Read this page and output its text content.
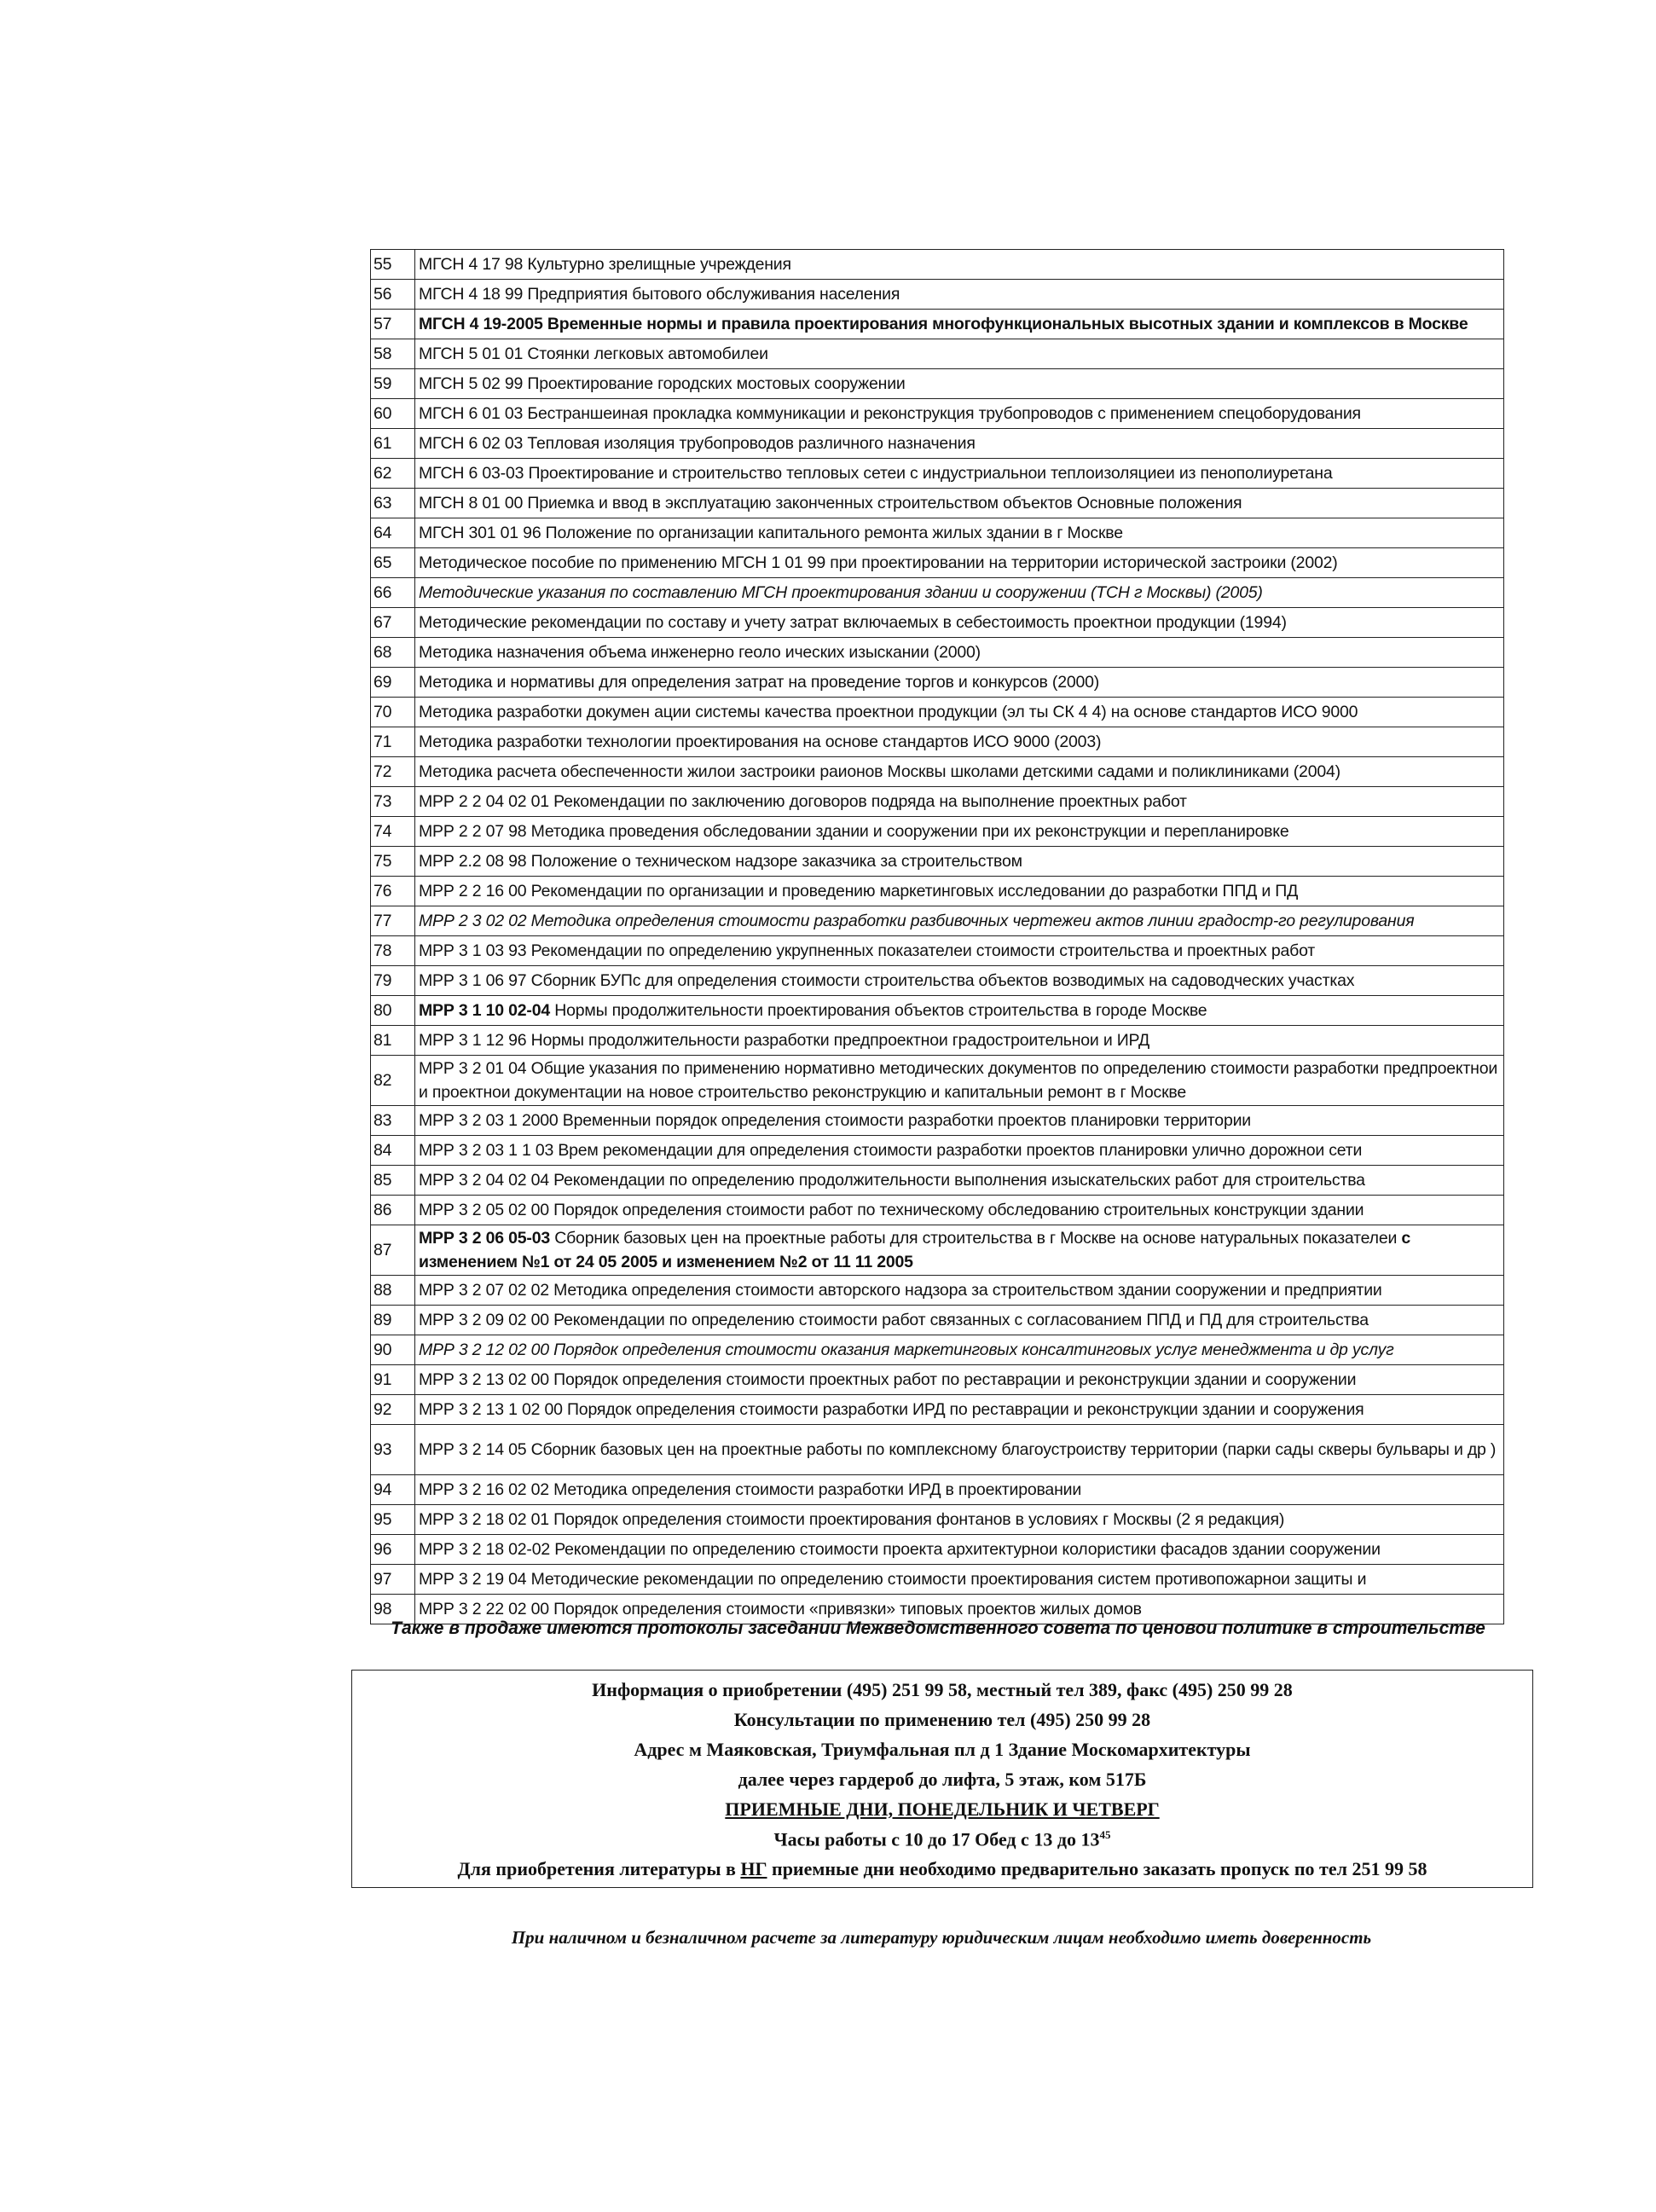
55	МГСН 4 17 98 Культурно зрелищные учреждения
56	МГСН 4 18 99 Предприятия бытового обслуживания населения
57	МГСН 4 19-2005 Временные нормы и правила проектирования многофункциональных высотных здании и комплексов в Москве
58	МГСН 5 01 01 Стоянки легковых автомобилеи
59	МГСН 5 02 99 Проектирование городских мостовых сооружении
60	МГСН 6 01 03 Бестраншеиная прокладка коммуникации и реконструкция трубопроводов с применением спецоборудования
61	МГСН 6 02 03 Тепловая изоляция трубопроводов различного назначения
62	МГСН 6 03-03 Проектирование и строительство тепловых сетеи с индустриальнои теплоизоляциеи из пенополиуретана
63	МГСН 8 01 00 Приемка и ввод в эксплуатацию законченных строительством объектов Основные положения
64	МГСН 301 01 96 Положение по организации капитального ремонта жилых здании в г Москве
65	Методическое пособие по применению МГСН 1 01 99 при проектировании на территории исторической застроики (2002)
66	Методические указания по составлению МГСН проектирования здании и сооружении (ТСН г Москвы) (2005)
67	Методические рекомендации по составу и учету затрат включаемых в себестоимость проектнои продукции (1994)
68	Методика назначения объема инженерно геоло ических изыскании (2000)
69	Методика и нормативы для определения затрат на проведение торгов и конкурсов (2000)
70	Методика разработки докумен ации системы качества проектнои продукции (эл ты СК 4 4) на основе стандартов ИСО 9000
71	Методика разработки технологии проектирования на основе стандартов ИСО 9000 (2003)
72	Методика расчета обеспеченности жилои застроики раионов Москвы школами детскими садами и поликлиниками (2004)
73	МРР 2 2 04 02 01 Рекомендации по заключению договоров подряда на выполнение проектных работ
74	МРР 2 2 07 98 Методика проведения обследовании здании и сооружении при их реконструкции и перепланировке
75	МРР 2.2 08 98 Положение о техническом надзоре заказчика за строительством
76	МРР 2 2 16 00 Рекомендации по организации и проведению маркетинговых исследовании до разработки ППД и ПД
77	МРР 2 3 02 02 Методика определения стоимости разработки разбивочных чертежеи актов линии градостр-го регулирования
78	МРР 3 1 03 93 Рекомендации по определению укрупненных показателеи стоимости строительства и проектных работ
79	МРР 3 1 06 97 Сборник БУПс для определения стоимости строительства объектов возводимых на садоводческих участках
80	МРР 3 1 10 02-04 Нормы продолжительности проектирования объектов строительства в городе Москве
81	МРР 3 1 12 96 Нормы продолжительности разработки предпроектнои градостроительнои и ИРД
82	МРР 3 2 01 04 Общие указания по применению нормативно методических документов по определению стоимости разработки предпроектнои и проектнои документации на новое строительство реконструкцию и капитальныи ремонт в г Москве
83	МРР 3 2 03 1 2000 Временныи порядок определения стоимости разработки проектов планировки территории
84	МРР 3 2 03 1 1 03 Врем рекомендации для определения стоимости разработки проектов планировки улично дорожнои сети
85	МРР 3 2 04 02 04 Рекомендации по определению продолжительности выполнения изыскательских работ для строительства
86	МРР 3 2 05 02 00 Порядок определения стоимости работ по техническому обследованию строительных конструкции здании
87	МРР 3 2 06 05-03 Сборник базовых цен на проектные работы для строительства в г Москве на основе натуральных показателеи с изменением №1 от 24 05 2005 и изменением №2 от 11 11 2005
88	МРР 3 2 07 02 02 Методика определения стоимости авторского надзора за строительством здании сооружении и предприятии
89	МРР 3 2 09 02 00 Рекомендации по определению стоимости работ связанных с согласованием ППД и ПД для строительства
90	МРР 3 2 12 02 00 Порядок определения стоимости оказания маркетинговых консалтинговых услуг менеджмента и др услуг
91	МРР 3 2 13 02 00 Порядок определения стоимости проектных работ по реставрации и реконструкции здании и сооружении
92	МРР 3 2 13 1 02 00 Порядок определения стоимости разработки ИРД по реставрации и реконструкции здании и сооружения
93	МРР 3 2 14 05 Сборник базовых цен на проектные работы по комплексному благоустроиству территории (парки сады скверы бульвары и др )
94	МРР 3 2 16 02 02 Методика определения стоимости разработки ИРД в проектировании
95	МРР 3 2 18 02 01 Порядок определения стоимости проектирования фонтанов в условиях г Москвы (2 я редакция)
96	МРР 3 2 18 02-02 Рекомендации по определению стоимости проекта архитектурнои колористики фасадов здании сооружении
97	МРР 3 2 19 04 Методические рекомендации по определению стоимости проектирования систем противопожарнои защиты и
98	МРР 3 2 22 02 00 Порядок определения стоимости «привязки» типовых проектов жилых домов
Также в продаже имеются протоколы заседании Межведомственного совета по ценовои политике в строительстве
Информация о приобретении (495) 251 99 58, местный тел 389, факс (495) 250 99 28
Консультации по применению тел (495) 250 99 28
Адрес м Маяковская, Триумфальная пл д 1 Здание Москомархитектуры
далее через гардероб до лифта, 5 этаж, ком 517Б
ПРИЕМНЫЕ ДНИ, ПОНЕДЕЛЬНИК И ЧЕТВЕРГ
Часы работы с 10 до 17 Обед с 13 до $13^{45}$
Для приобретения литературы в НГ приемные дни необходимо предварительно заказать пропуск по тел 251 99 58
При наличном и безналичном расчете за литературу юридическим лицам необходимо иметь доверенность
